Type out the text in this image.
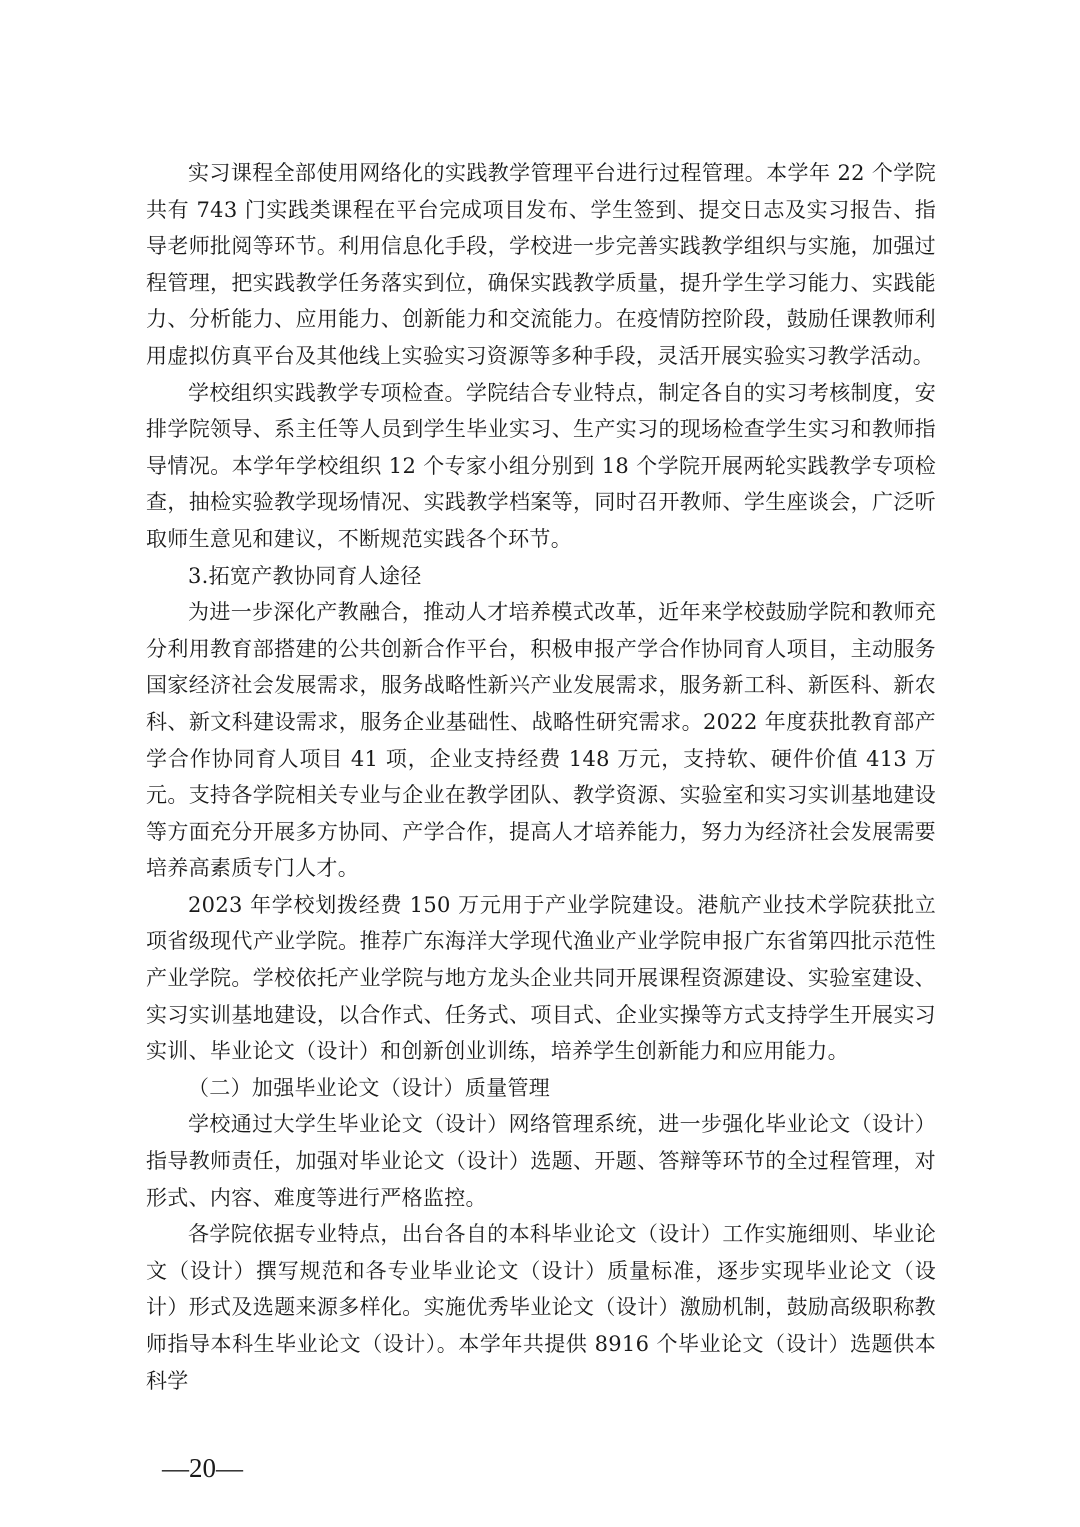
实习课程全部使用网络化的实践教学管理平台进行过程管理。本学年 22 个学院共有 743 门实践类课程在平台完成项目发布、学生签到、提交日志及实习报告、指导老师批阅等环节。利用信息化手段，学校进一步完善实践教学组织与实施，加强过程管理，把实践教学任务落实到位，确保实践教学质量，提升学生学习能力、实践能力、分析能力、应用能力、创新能力和交流能力。在疫情防控阶段，鼓励任课教师利用虚拟仿真平台及其他线上实验实习资源等多种手段，灵活开展实验实习教学活动。

学校组织实践教学专项检查。学院结合专业特点，制定各自的实习考核制度，安排学院领导、系主任等人员到学生毕业实习、生产实习的现场检查学生实习和教师指导情况。本学年学校组织 12 个专家小组分别到 18 个学院开展两轮实践教学专项检查，抽检实验教学现场情况、实践教学档案等，同时召开教师、学生座谈会，广泛听取师生意见和建议，不断规范实践各个环节。

3.拓宽产教协同育人途径

为进一步深化产教融合，推动人才培养模式改革，近年来学校鼓励学院和教师充分利用教育部搭建的公共创新合作平台，积极申报产学合作协同育人项目，主动服务国家经济社会发展需求，服务战略性新兴产业发展需求，服务新工科、新医科、新农科、新文科建设需求，服务企业基础性、战略性研究需求。2022 年度获批教育部产学合作协同育人项目 41 项，企业支持经费 148 万元，支持软、硬件价值 413 万元。支持各学院相关专业与企业在教学团队、教学资源、实验室和实习实训基地建设等方面充分开展多方协同、产学合作，提高人才培养能力，努力为经济社会发展需要培养高素质专门人才。

2023 年学校划拨经费 150 万元用于产业学院建设。港航产业技术学院获批立项省级现代产业学院。推荐广东海洋大学现代渔业产业学院申报广东省第四批示范性产业学院。学校依托产业学院与地方龙头企业共同开展课程资源建设、实验室建设、实习实训基地建设，以合作式、任务式、项目式、企业实操等方式支持学生开展实习实训、毕业论文（设计）和创新创业训练，培养学生创新能力和应用能力。

（二）加强毕业论文（设计）质量管理

学校通过大学生毕业论文（设计）网络管理系统，进一步强化毕业论文（设计）指导教师责任，加强对毕业论文（设计）选题、开题、答辩等环节的全过程管理，对形式、内容、难度等进行严格监控。

各学院依据专业特点，出台各自的本科毕业论文（设计）工作实施细则、毕业论文（设计）撰写规范和各专业毕业论文（设计）质量标准，逐步实现毕业论文（设计）形式及选题来源多样化。实施优秀毕业论文（设计）激励机制，鼓励高级职称教师指导本科生毕业论文（设计）。本学年共提供 8916 个毕业论文（设计）选题供本科学

—20—
